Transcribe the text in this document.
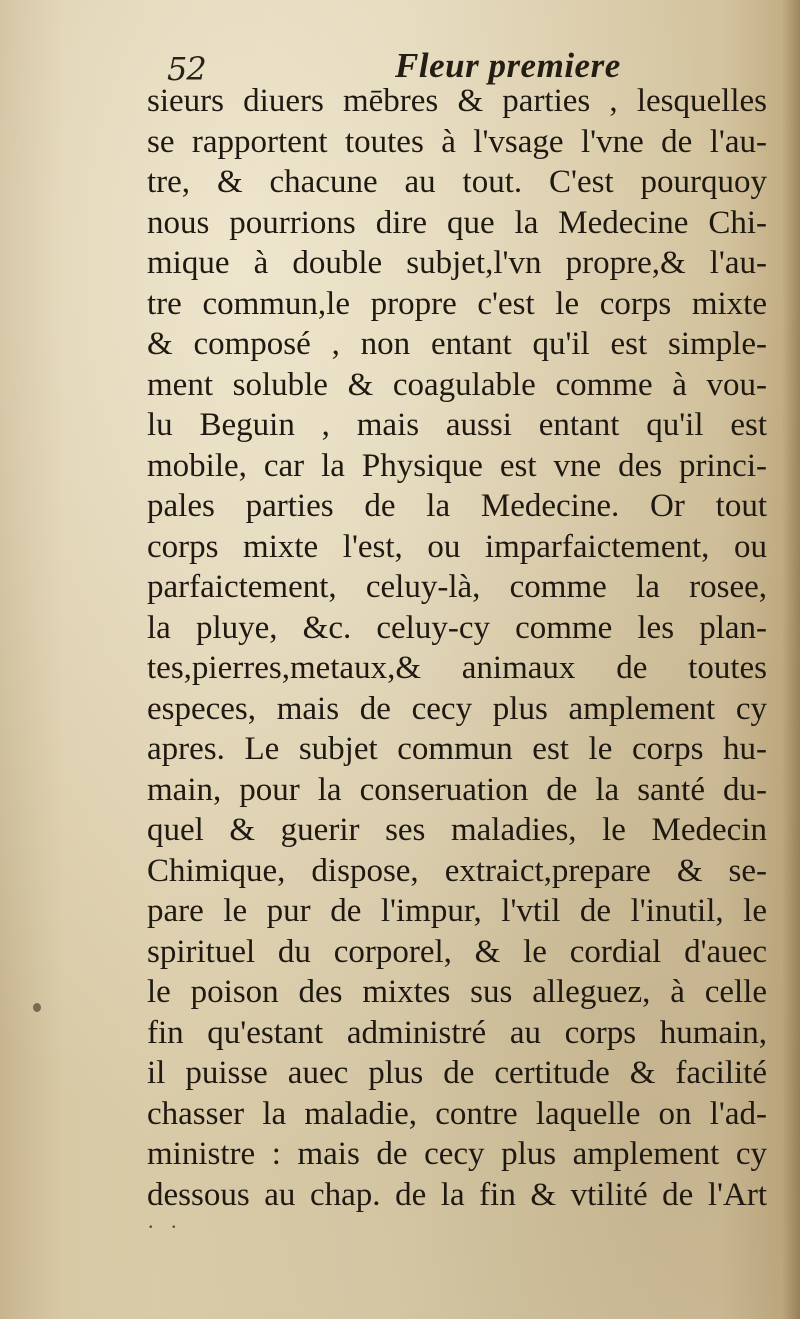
52	Fleur premiere
sieurs diuers mēbres & parties , lesquelles
se rapportent toutes à l'vsage l'vne de l'au-
tre, & chacune au tout. C'est pourquoy
nous pourrions dire que la Medecine Chi-
mique à double subjet,l'vn propre,& l'au-
tre commun,le propre c'est le corps mixte
& composé , non entant qu'il est simple-
ment soluble & coagulable comme à vou-
lu Beguin , mais aussi entant qu'il est
mobile, car la Physique est vne des princi-
pales parties de la Medecine. Or tout
corps mixte l'est, ou imparfaictement, ou
parfaictement, celuy-là, comme la rosee,
la pluye, &c. celuy-cy comme les plan-
tes,pierres,metaux,& animaux de toutes
especes, mais de cecy plus amplement cy
apres. Le subjet commun est le corps hu-
main, pour la conseruation de la santé du-
quel & guerir ses maladies, le Medecin
Chimique, dispose, extraict,prepare & se-
pare le pur de l'impur, l'vtil de l'inutil, le
spirituel du corporel, & le cordial d'auec
le poison des mixtes sus alleguez, à celle
fin qu'estant administré au corps humain,
il puisse auec plus de certitude & facilité
chasser la maladie, contre laquelle on l'ad-
ministre : mais de cecy plus amplement cy
dessous au chap. de la fin & vtilité de l'Art
. .
